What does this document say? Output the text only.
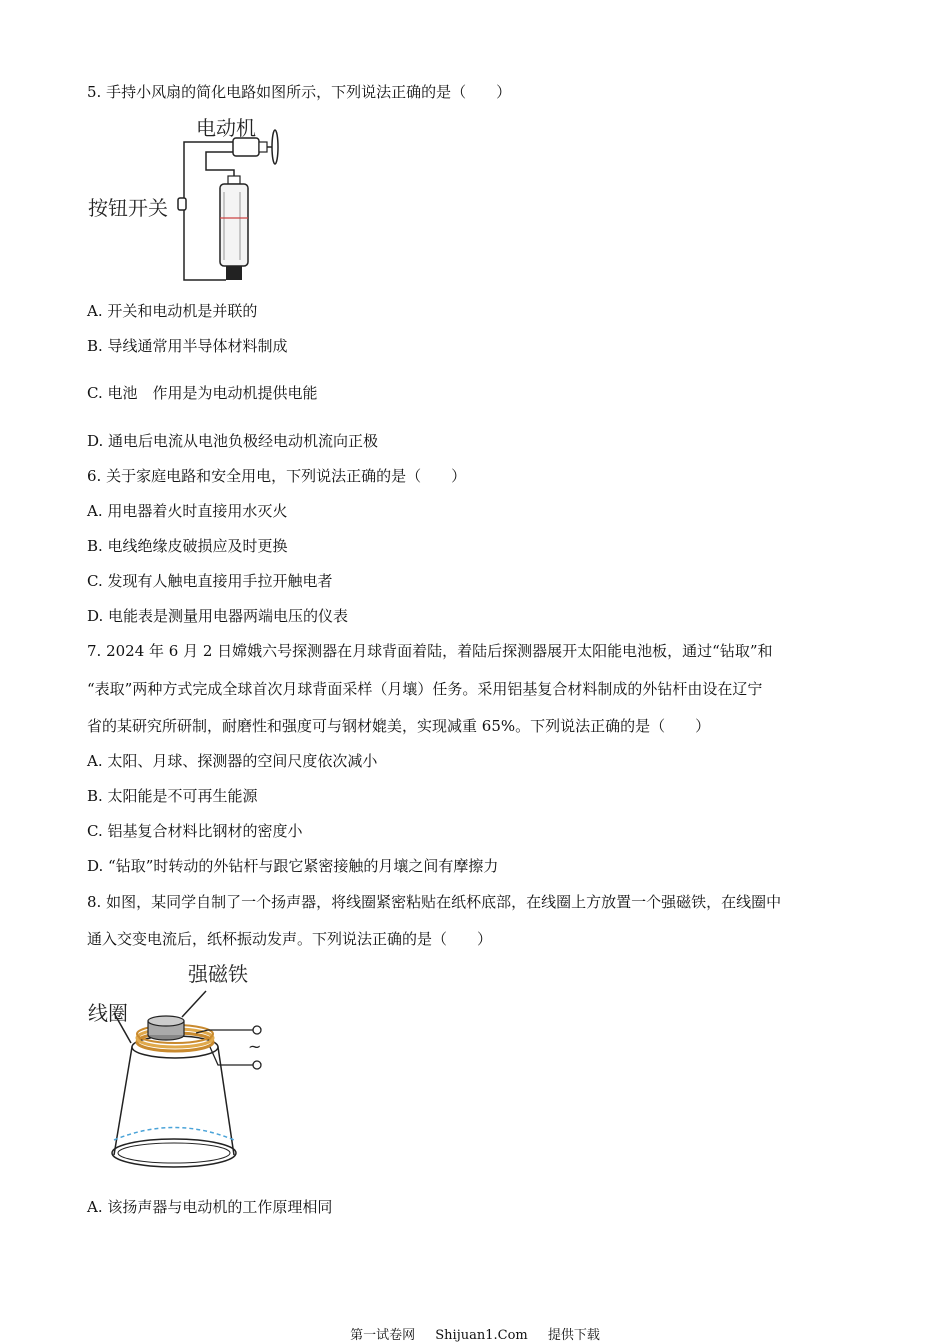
5. 手持小风扇的简化电路如图所示，下列说法正确的是（　　）
电动机
按钮开关
A. 开关和电动机是并联的
B. 导线通常用半导体材料制成
C. 电池　作用是为电动机提供电能
D. 通电后电流从电池负极经电动机流向正极
6. 关于家庭电路和安全用电，下列说法正确的是（　　）
A. 用电器着火时直接用水灭火
B. 电线绝缘皮破损应及时更换
C. 发现有人触电直接用手拉开触电者
D. 电能表是测量用电器两端电压的仪表
7. 2024 年 6 月 2 日嫦娥六号探测器在月球背面着陆，着陆后探测器展开太阳能电池板，通过“钻取”和
“表取”两种方式完成全球首次月球背面采样（月壤）任务。采用铝基复合材料制成的外钻杆由设在辽宁
省的某研究所研制，耐磨性和强度可与钢材媲美，实现减重 65%。下列说法正确的是（　　）
A. 太阳、月球、探测器的空间尺度依次减小
B. 太阳能是不可再生能源
C. 铝基复合材料比钢材的密度小
D. “钻取”时转动的外钻杆与跟它紧密接触的月壤之间有摩擦力
8. 如图，某同学自制了一个扬声器，将线圈紧密粘贴在纸杯底部，在线圈上方放置一个强磁铁，在线圈中
通入交变电流后，纸杯振动发声。下列说法正确的是（　　）
强磁铁
线圈
~
A. 该扬声器与电动机的工作原理相同
第一试卷网 Shijuan1.Com 提供下载
